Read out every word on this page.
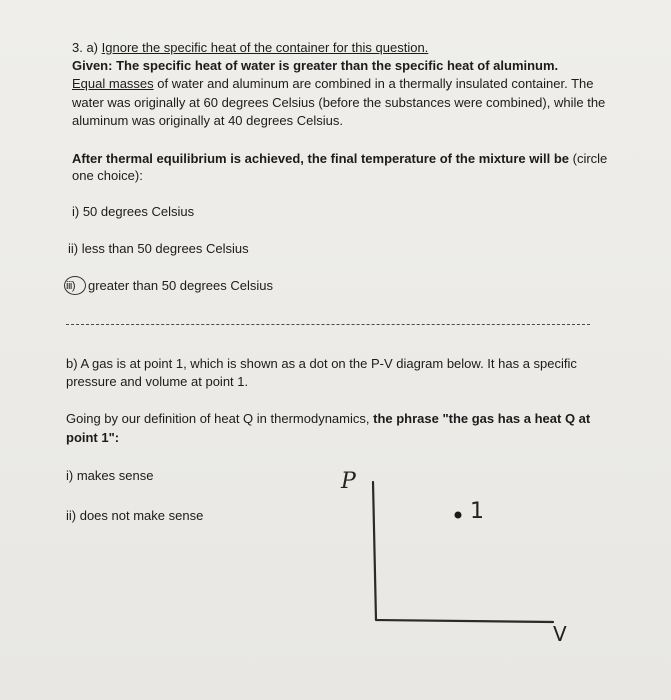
3. a) Ignore the specific heat of the container for this question.
Given: The specific heat of water is greater than the specific heat of aluminum.
Equal masses of water and aluminum are combined in a thermally insulated container. The
water was originally at 60 degrees Celsius (before the substances were combined), while the
aluminum was originally at 40 degrees Celsius.
After thermal equilibrium is achieved, the final temperature of the mixture will be (circle
one choice):
i) 50 degrees Celsius
ii) less than 50 degrees Celsius
iii) greater than 50 degrees Celsius
b) A gas is at point 1, which is shown as a dot on the P-V diagram below. It has a specific
pressure and volume at point 1.
Going by our definition of heat Q in thermodynamics, the phrase "the gas has a heat Q at
point 1":
i) makes sense
ii) does not make sense
P
1
V
